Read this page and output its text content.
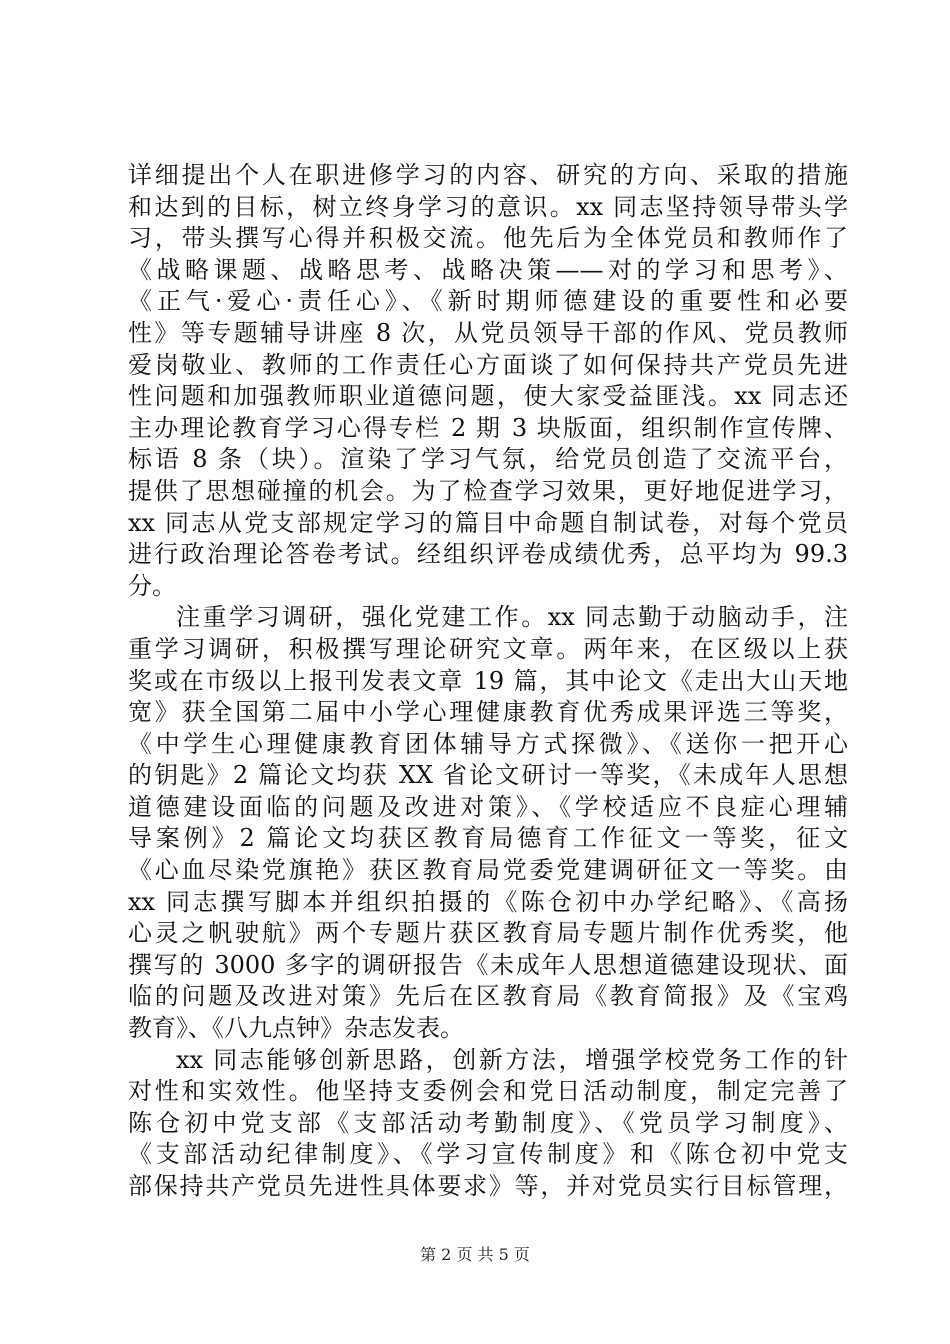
详细提出个人在职进修学习的内容、研究的方向、采取的措施
和达到的目标，树立终身学习的意识。xx 同志坚持领导带头学
习，带头撰写心得并积极交流。他先后为全体党员和教师作了
《战略课题、战略思考、战略决策——对的学习和思考》、
《正气·爱心·责任心》、《新时期师德建设的重要性和必要
性》等专题辅导讲座 8 次，从党员领导干部的作风、党员教师
爱岗敬业、教师的工作责任心方面谈了如何保持共产党员先进
性问题和加强教师职业道德问题，使大家受益匪浅。xx 同志还
主办理论教育学习心得专栏 2 期 3 块版面，组织制作宣传牌、
标语 8 条（块）。渲染了学习气氛，给党员创造了交流平台，
提供了思想碰撞的机会。为了检查学习效果，更好地促进学习，
xx 同志从党支部规定学习的篇目中命题自制试卷，对每个党员
进行政治理论答卷考试。经组织评卷成绩优秀，总平均为 99.3
分。
注重学习调研，强化党建工作。xx 同志勤于动脑动手，注
重学习调研，积极撰写理论研究文章。两年来，在区级以上获
奖或在市级以上报刊发表文章 19 篇，其中论文《走出大山天地
宽》获全国第二届中小学心理健康教育优秀成果评选三等奖，
《中学生心理健康教育团体辅导方式探微》、《送你一把开心
的钥匙》2 篇论文均获 XX 省论文研讨一等奖，《未成年人思想
道德建设面临的问题及改进对策》、《学校适应不良症心理辅
导案例》2 篇论文均获区教育局德育工作征文一等奖，征文
《心血尽染党旗艳》获区教育局党委党建调研征文一等奖。由
xx 同志撰写脚本并组织拍摄的《陈仓初中办学纪略》、《高扬
心灵之帆驶航》两个专题片获区教育局专题片制作优秀奖，他
撰写的 3000 多字的调研报告《未成年人思想道德建设现状、面
临的问题及改进对策》先后在区教育局《教育简报》及《宝鸡
教育》、《八九点钟》杂志发表。
xx 同志能够创新思路，创新方法，增强学校党务工作的针
对性和实效性。他坚持支委例会和党日活动制度，制定完善了
陈仓初中党支部《支部活动考勤制度》、《党员学习制度》、
《支部活动纪律制度》、《学习宣传制度》和《陈仓初中党支
部保持共产党员先进性具体要求》等，并对党员实行目标管理，
第 2 页 共 5 页
